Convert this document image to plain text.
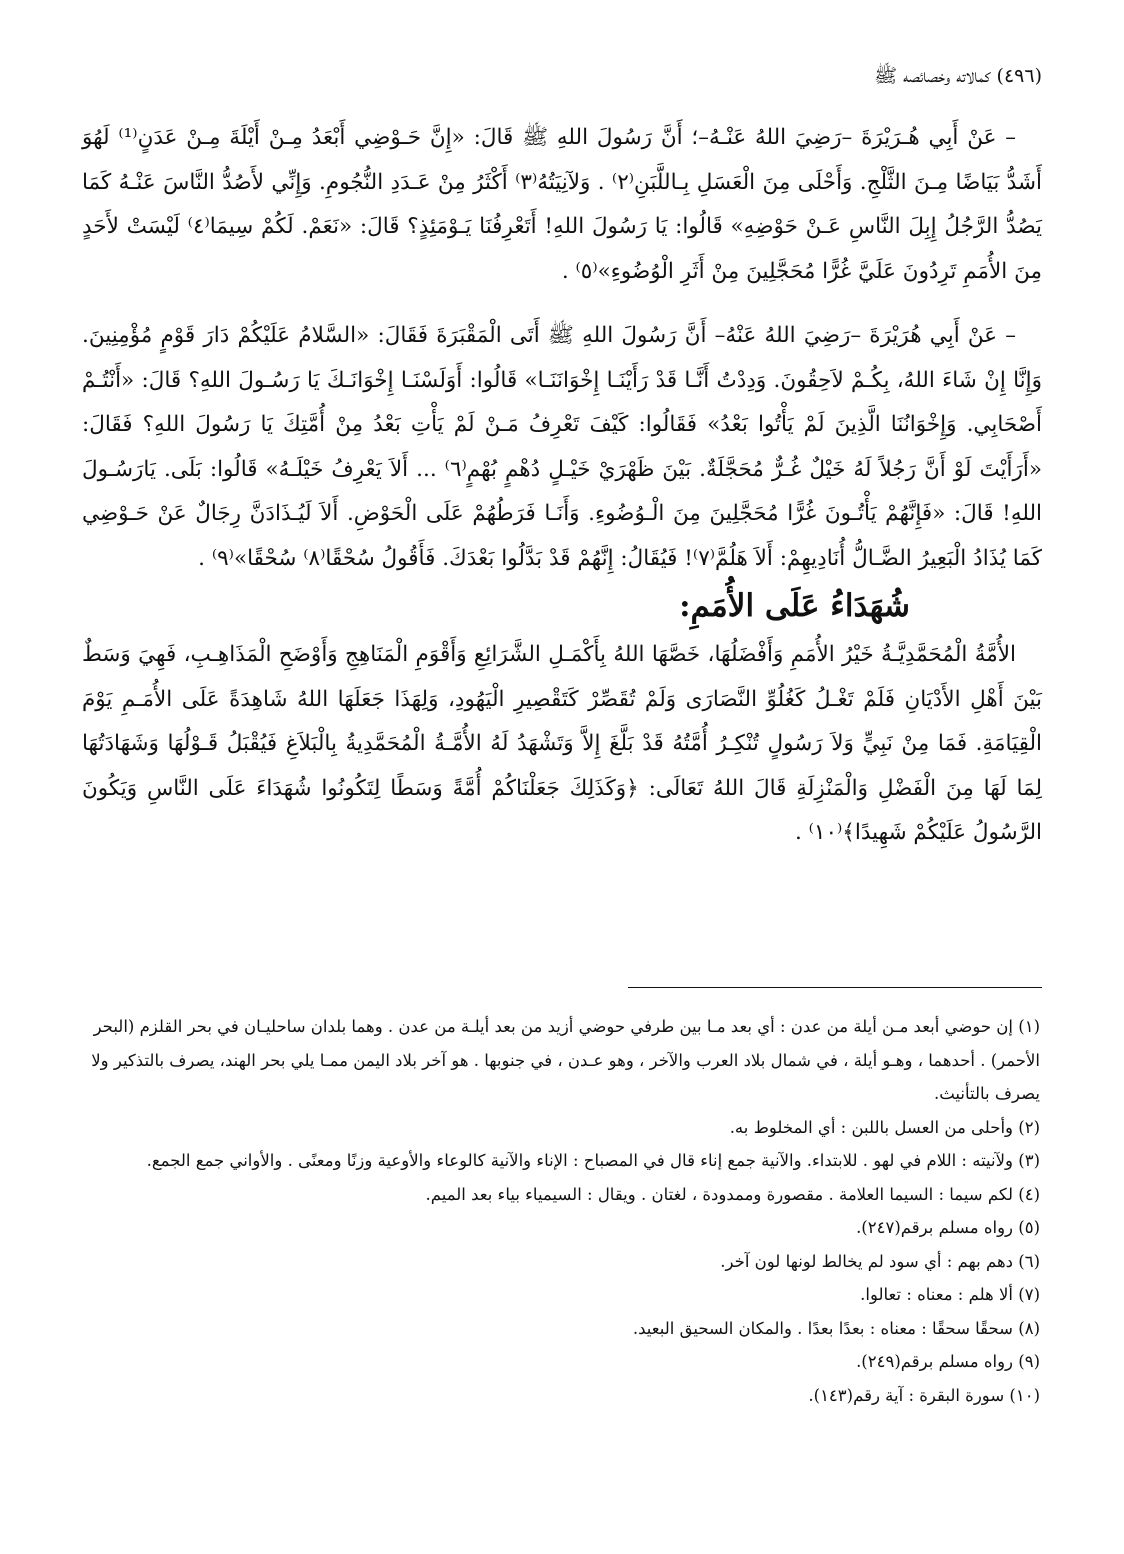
(٤٩٦) كمالاته وخصائصه ﷺ

– عَنْ أَبِي هُـرَيْرَةَ –رَضِيَ اللهُ عَنْـهُ–؛ أَنَّ رَسُولَ اللهِ ﷺ قَالَ: «إِنَّ حَـوْضِي أَبْعَدُ مِـنْ أَيْلَةَ مِـنْ عَدَنٍ⁽¹⁾ لَهُوَ أَشَدُّ بَيَاضًا مِـنَ الثَّلْجِ. وَأَحْلَى مِنَ الْعَسَلِ بِـاللَّبَنِ⁽٢⁾ . وَلآنِيَتُهُ⁽٣⁾ أَكْثَرُ مِنْ عَـدَدِ النُّجُومِ. وَإِنِّي لأَصُدُّ النَّاسَ عَنْـهُ كَمَا يَصُدُّ الرَّجُلُ إِبِلَ النَّاسِ عَـنْ حَوْضِهِ» قَالُوا: يَا رَسُولَ اللهِ! أَتَعْرِفُنَا يَـوْمَئِذٍ؟ قَالَ: «نَعَمْ. لَكُمْ سِيمَا⁽٤⁾ لَيْسَتْ لأَحَدٍ مِنَ الأُمَمِ تَرِدُونَ عَلَيَّ غُرًّا مُحَجَّلِينَ مِنْ أَثَرِ الْوُضُوءِ»⁽٥⁾ .

– عَنْ أَبِي هُرَيْرَةَ –رَضِيَ اللهُ عَنْهُ– أَنَّ رَسُولَ اللهِ ﷺ أَتَى الْمَقْبَرَةَ فَقَالَ: «السَّلامُ عَلَيْكُمْ دَارَ قَوْمٍ مُؤْمِنِينَ. وَإِنَّا إِنْ شَاءَ اللهُ، بِكُـمْ لاَحِقُونَ. وَدِدْتُ أَنَّـا قَدْ رَأَيْنَـا إِخْوَانَنَـا» قَالُوا: أَوَلَسْنَـا إِخْوَانَـكَ يَا رَسُـولَ اللهِ؟ قَالَ: «أَنْتُـمْ أَصْحَابِي. وَإِخْوَانُنَا الَّذِينَ لَمْ يَأْتُوا بَعْدُ» فَقَالُوا: كَيْفَ تَعْرِفُ مَـنْ لَمْ يَأْتِ بَعْدُ مِنْ أُمَّتِكَ يَا رَسُولَ اللهِ؟ فَقَالَ: «أَرَأَيْتَ لَوْ أَنَّ رَجُلاً لَهُ خَيْلٌ غُـرٌّ مُحَجَّلَةٌ. بَيْنَ ظَهْرَيْ خَيْـلٍ دُهْمٍ بُهْمٍ⁽٦⁾ ... أَلاَ يَعْرِفُ خَيْلَـهُ» قَالُوا: بَلَى. يَارَسُـولَ اللهِ! قَالَ: «فَإِنَّهُمْ يَأْتُـونَ غُرًّا مُحَجَّلِينَ مِنَ الْـوُضُوءِ. وَأَنَـا فَرَطُهُمْ عَلَى الْحَوْضِ. أَلاَ لَيُـذَادَنَّ رِجَالٌ عَنْ حَـوْضِي كَمَا يُذَادُ الْبَعِيرُ الضَّـالُّ أُنَادِيهِمْ: أَلاَ هَلُمَّ⁽٧⁾! فَيُقَالُ: إِنَّهُمْ قَدْ بَدَّلُوا بَعْدَكَ. فَأَقُولُ سُحْقًا⁽٨⁾ سُحْقًا»⁽٩⁾ .

شُهَدَاءُ عَلَى الأُمَمِ:

الأُمَّةُ الْمُحَمَّدِيَّـةُ خَيْرُ الأُمَمِ وَأَفْضَلُهَا، خَصَّهَا اللهُ بِأَكْمَـلِ الشَّرَائِعِ وَأَقْوَمِ الْمَنَاهِجِ وَأَوْضَحِ الْمَذَاهِـبِ، فَهِيَ وَسَطٌ بَيْنَ أَهْلِ الأَدْيَانِ فَلَمْ تَغْـلُ كَغُلُوِّ النَّصَارَى وَلَمْ تُقَصِّرْ كَتَقْصِيرِ الْيَهُودِ، وَلِهَذَا جَعَلَهَا اللهُ شَاهِدَةً عَلَى الأُمَـمِ يَوْمَ الْقِيَامَةِ. فَمَا مِنْ نَبِيٍّ وَلاَ رَسُولٍ تُنْكِـرُ أُمَّتُهُ قَدْ بَلَّغَ إِلاَّ وَتَشْهَدُ لَهُ الأُمَّـةُ الْمُحَمَّدِيةُ بِالْبَلاَغِ فَيُقْبَلُ قَـوْلُهَا وَشَهَادَتُهَا لِمَا لَهَا مِنَ الْفَضْلِ وَالْمَنْزِلَةِ قَالَ اللهُ تَعَالَى: ﴿وَكَذَلِكَ جَعَلْنَاكُمْ أُمَّةً وَسَطًا لِتَكُونُوا شُهَدَاءَ عَلَى النَّاسِ وَيَكُونَ الرَّسُولُ عَلَيْكُمْ شَهِيدًا﴾⁽١٠⁾ .

(١) إن حوضي أبعد مـن أيلة من عدن : أي بعد مـا بين طرفي حوضي أزيد من بعد أيلـة من عدن . وهما بلدان ساحليـان في بحر القلزم (البحر الأحمر) . أحدهما ، وهـو أيلة ، في شمال بلاد العرب والآخر ، وهو عـدن ، في جنوبها . هو آخر بلاد اليمن ممـا يلي بحر الهند، يصرف بالتذكير ولا يصرف بالتأنيث.

(٢) وأحلى من العسل باللبن : أي المخلوط به.

(٣) ولآنيته : اللام في لهو . للابتداء. والآنية جمع إناء قال في المصباح : الإناء والآنية كالوعاء والأوعية وزنًا ومعنًى . والأواني جمع الجمع.

(٤) لكم سيما : السيما العلامة . مقصورة وممدودة ، لغتان . ويقال : السيمياء بياء بعد الميم.

(٥) رواه مسلم برقم(٢٤٧).

(٦) دهم بهم : أي سود لم يخالط لونها لون آخر.

(٧) ألا هلم : معناه : تعالوا.

(٨) سحقًا سحقًا : معناه : بعدًا بعدًا . والمكان السحيق البعيد.

(٩) رواه مسلم برقم(٢٤٩).

(١٠) سورة البقرة : آية رقم(١٤٣).
